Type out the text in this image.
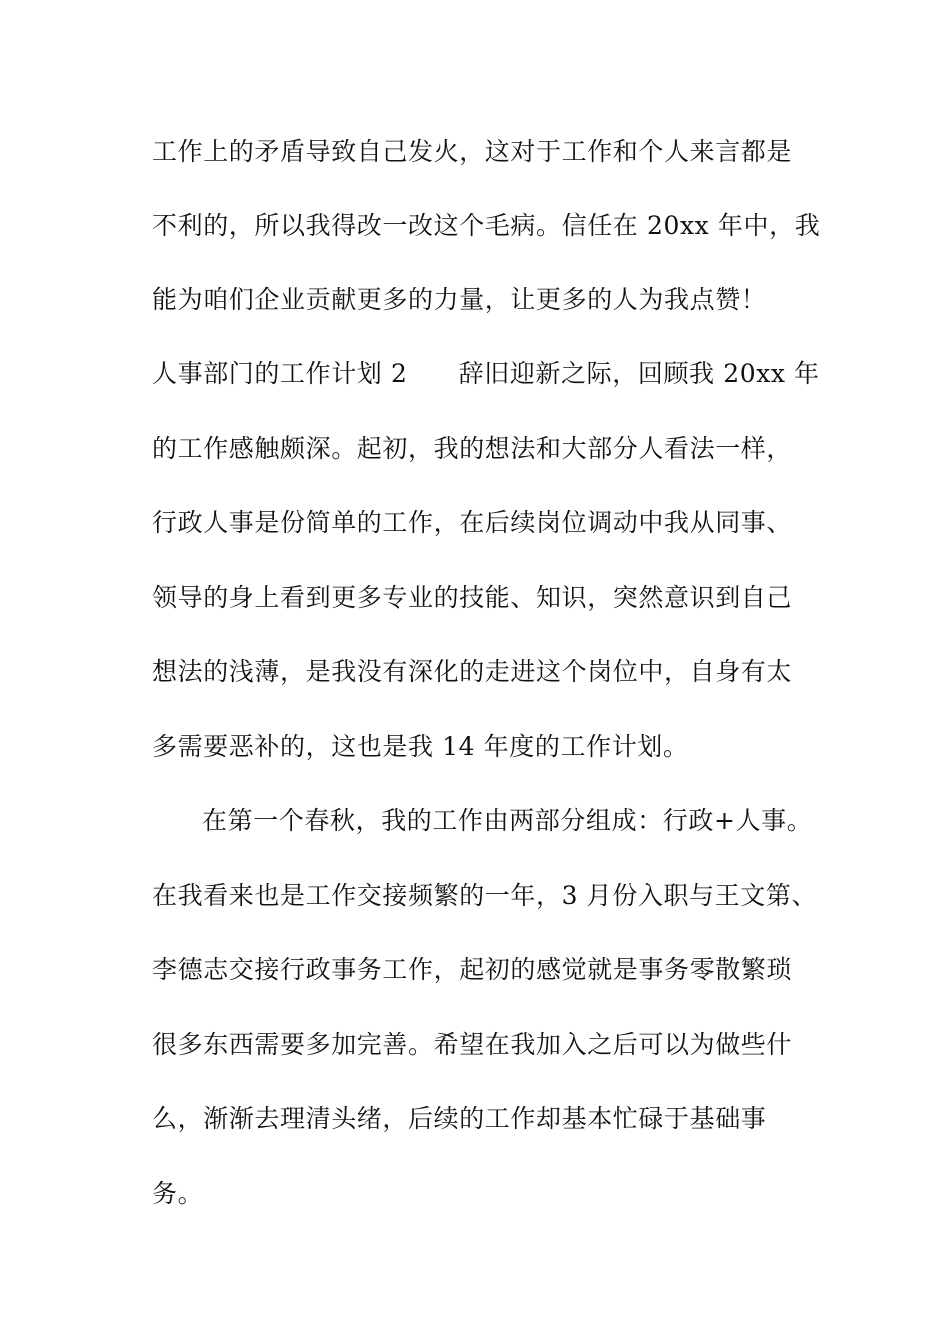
工作上的矛盾导致自己发火，这对于工作和个人来言都是
不利的，所以我得改一改这个毛病。信任在 20xx 年中，我
能为咱们企业贡献更多的力量，让更多的人为我点赞！
人事部门的工作计划 2　　辞旧迎新之际，回顾我 20xx 年
的工作感触颇深。起初，我的想法和大部分人看法一样，
行政人事是份简单的工作，在后续岗位调动中我从同事、
领导的身上看到更多专业的技能、知识，突然意识到自己
想法的浅薄，是我没有深化的走进这个岗位中，自身有太
多需要恶补的，这也是我 14 年度的工作计划。
在第一个春秋，我的工作由两部分组成：行政+人事。
在我看来也是工作交接频繁的一年，3 月份入职与王文第、
李德志交接行政事务工作，起初的感觉就是事务零散繁琐
很多东西需要多加完善。希望在我加入之后可以为做些什
么，渐渐去理清头绪，后续的工作却基本忙碌于基础事
务。
